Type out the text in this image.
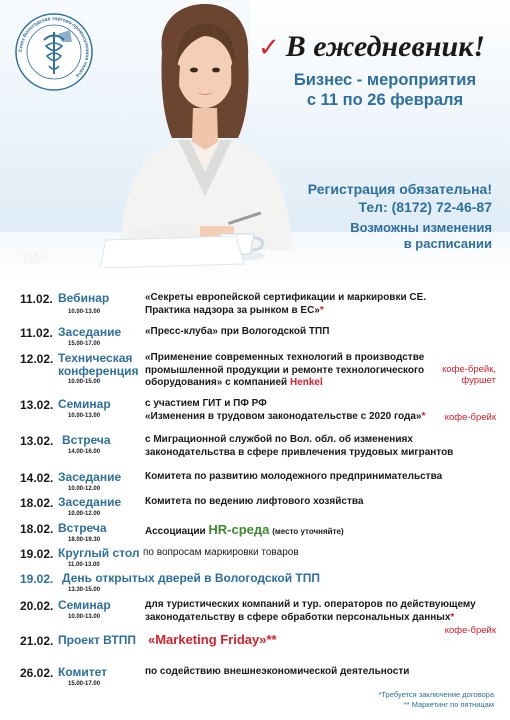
Союз Вологодская торгово-промышленная палата
✓ В ежедневник!
Бизнес - мероприятия
с 11 по 26 февраля
Регистрация обязательна!
Тел: (8172) 72-46-87
Возможны изменения
в расписании
18+
11.02. Вебинар
10.00-13.00
«Секреты европейской сертификации и маркировки CE.
Практика надзора за рынком в ЕС»*
11.02. Заседание
15.00-17.00
«Пресс-клуба» при Вологодской ТПП
12.02. Техническая
конференция
10.00-15.00
«Применение современных технологий в производстве
промышленной продукции и ремонте технологического
оборудования» с компанией Henkel
кофе-брейк,
фуршет
13.02. Семинар
10.00-13.00
с участием ГИТ и ПФ РФ
«Изменения в трудовом законодательстве с 2020 года»* кофе-брейк
13.02. Встреча
14.00-16.00
с Миграционной службой по Вол. обл. об изменениях
законодательства в сфере привлечения трудовых мигрантов
14.02. Заседание
10.00-12.00
Комитета по развитию молодежного предпринимательства
18.02. Заседание
10.00-12.00
Комитета по ведению лифтового хозяйства
18.02. Встреча
18.00-19.30
Ассоциации HR-среда (место уточняйте)
19.02. Круглый стол
11.00-13.00
по вопросам маркировки товаров
19.02. День открытых дверей в Вологодской ТПП
13.30-15.00
20.02. Семинар
10.00-13.00
для туристических компаний и тур. операторов по действующему
законодательству в сфере обработки персональных данных*
кофе-брейк
21.02. Проект ВТПП «Marketing Friday»**
26.02. Комитет
15.00-17.00
по содействию внешнеэкономической деятельности
*Требуется заключение договора
** Маркетинг по пятницам
